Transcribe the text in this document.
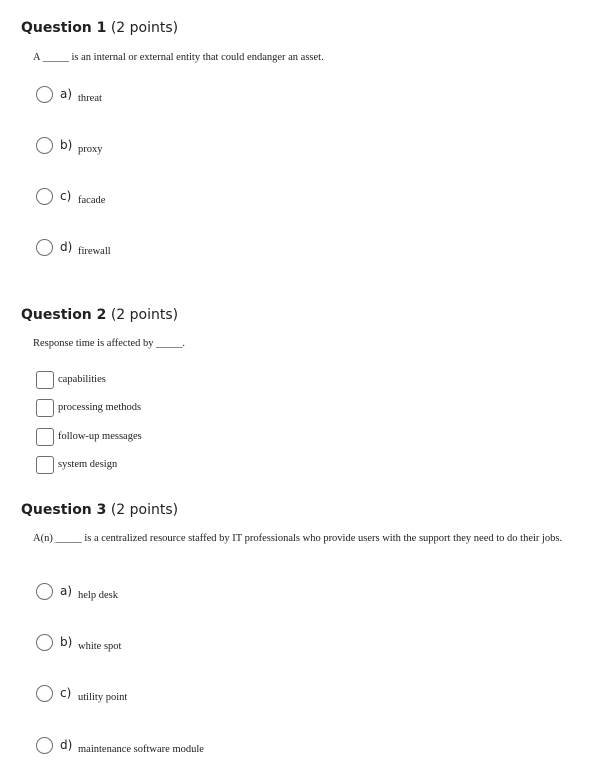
Question 1 (2 points)
A _____ is an internal or external entity that could endanger an asset.
a) threat
b) proxy
c) facade
d) firewall
Question 2 (2 points)
Response time is affected by _____.
capabilities
processing methods
follow-up messages
system design
Question 3 (2 points)
A(n) _____ is a centralized resource staffed by IT professionals who provide users with the support they need to do their jobs.
a) help desk
b) white spot
c) utility point
d) maintenance software module
